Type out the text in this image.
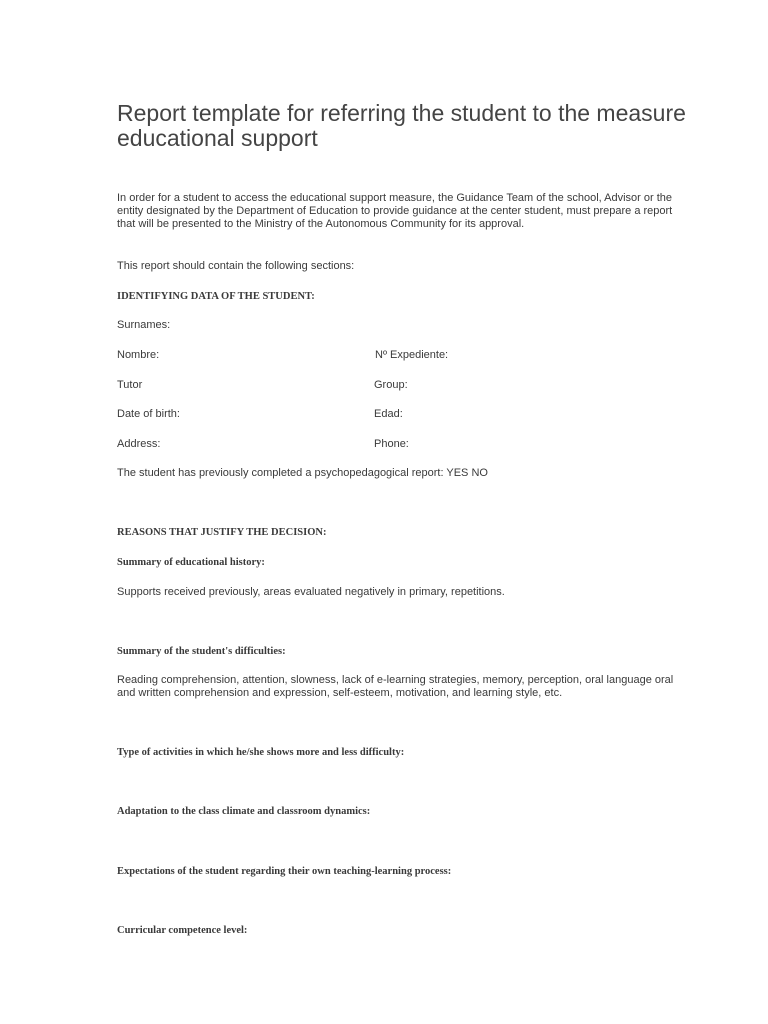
Report template for referring the student to the measure educational support

In order for a student to access the educational support measure, the Guidance Team of the school, Advisor or the entity designated by the Department of Education to provide guidance at the center student, must prepare a report that will be presented to the Ministry of the Autonomous Community for its approval.

This report should contain the following sections:

IDENTIFYING DATA OF THE STUDENT:

Surnames:

Nombre:	Nº Expediente:

Tutor	Group:

Date of birth:	Edad:

Address:	Phone:

The student has previously completed a psychopedagogical report: YES NO

REASONS THAT JUSTIFY THE DECISION:

Summary of educational history:

Supports received previously, areas evaluated negatively in primary, repetitions.

Summary of the student's difficulties:

Reading comprehension, attention, slowness, lack of e-learning strategies, memory, perception, oral language oral and written comprehension and expression, self-esteem, motivation, and learning style, etc.

Type of activities in which he/she shows more and less difficulty:

Adaptation to the class climate and classroom dynamics:

Expectations of the student regarding their own teaching-learning process:

Curricular competence level:
